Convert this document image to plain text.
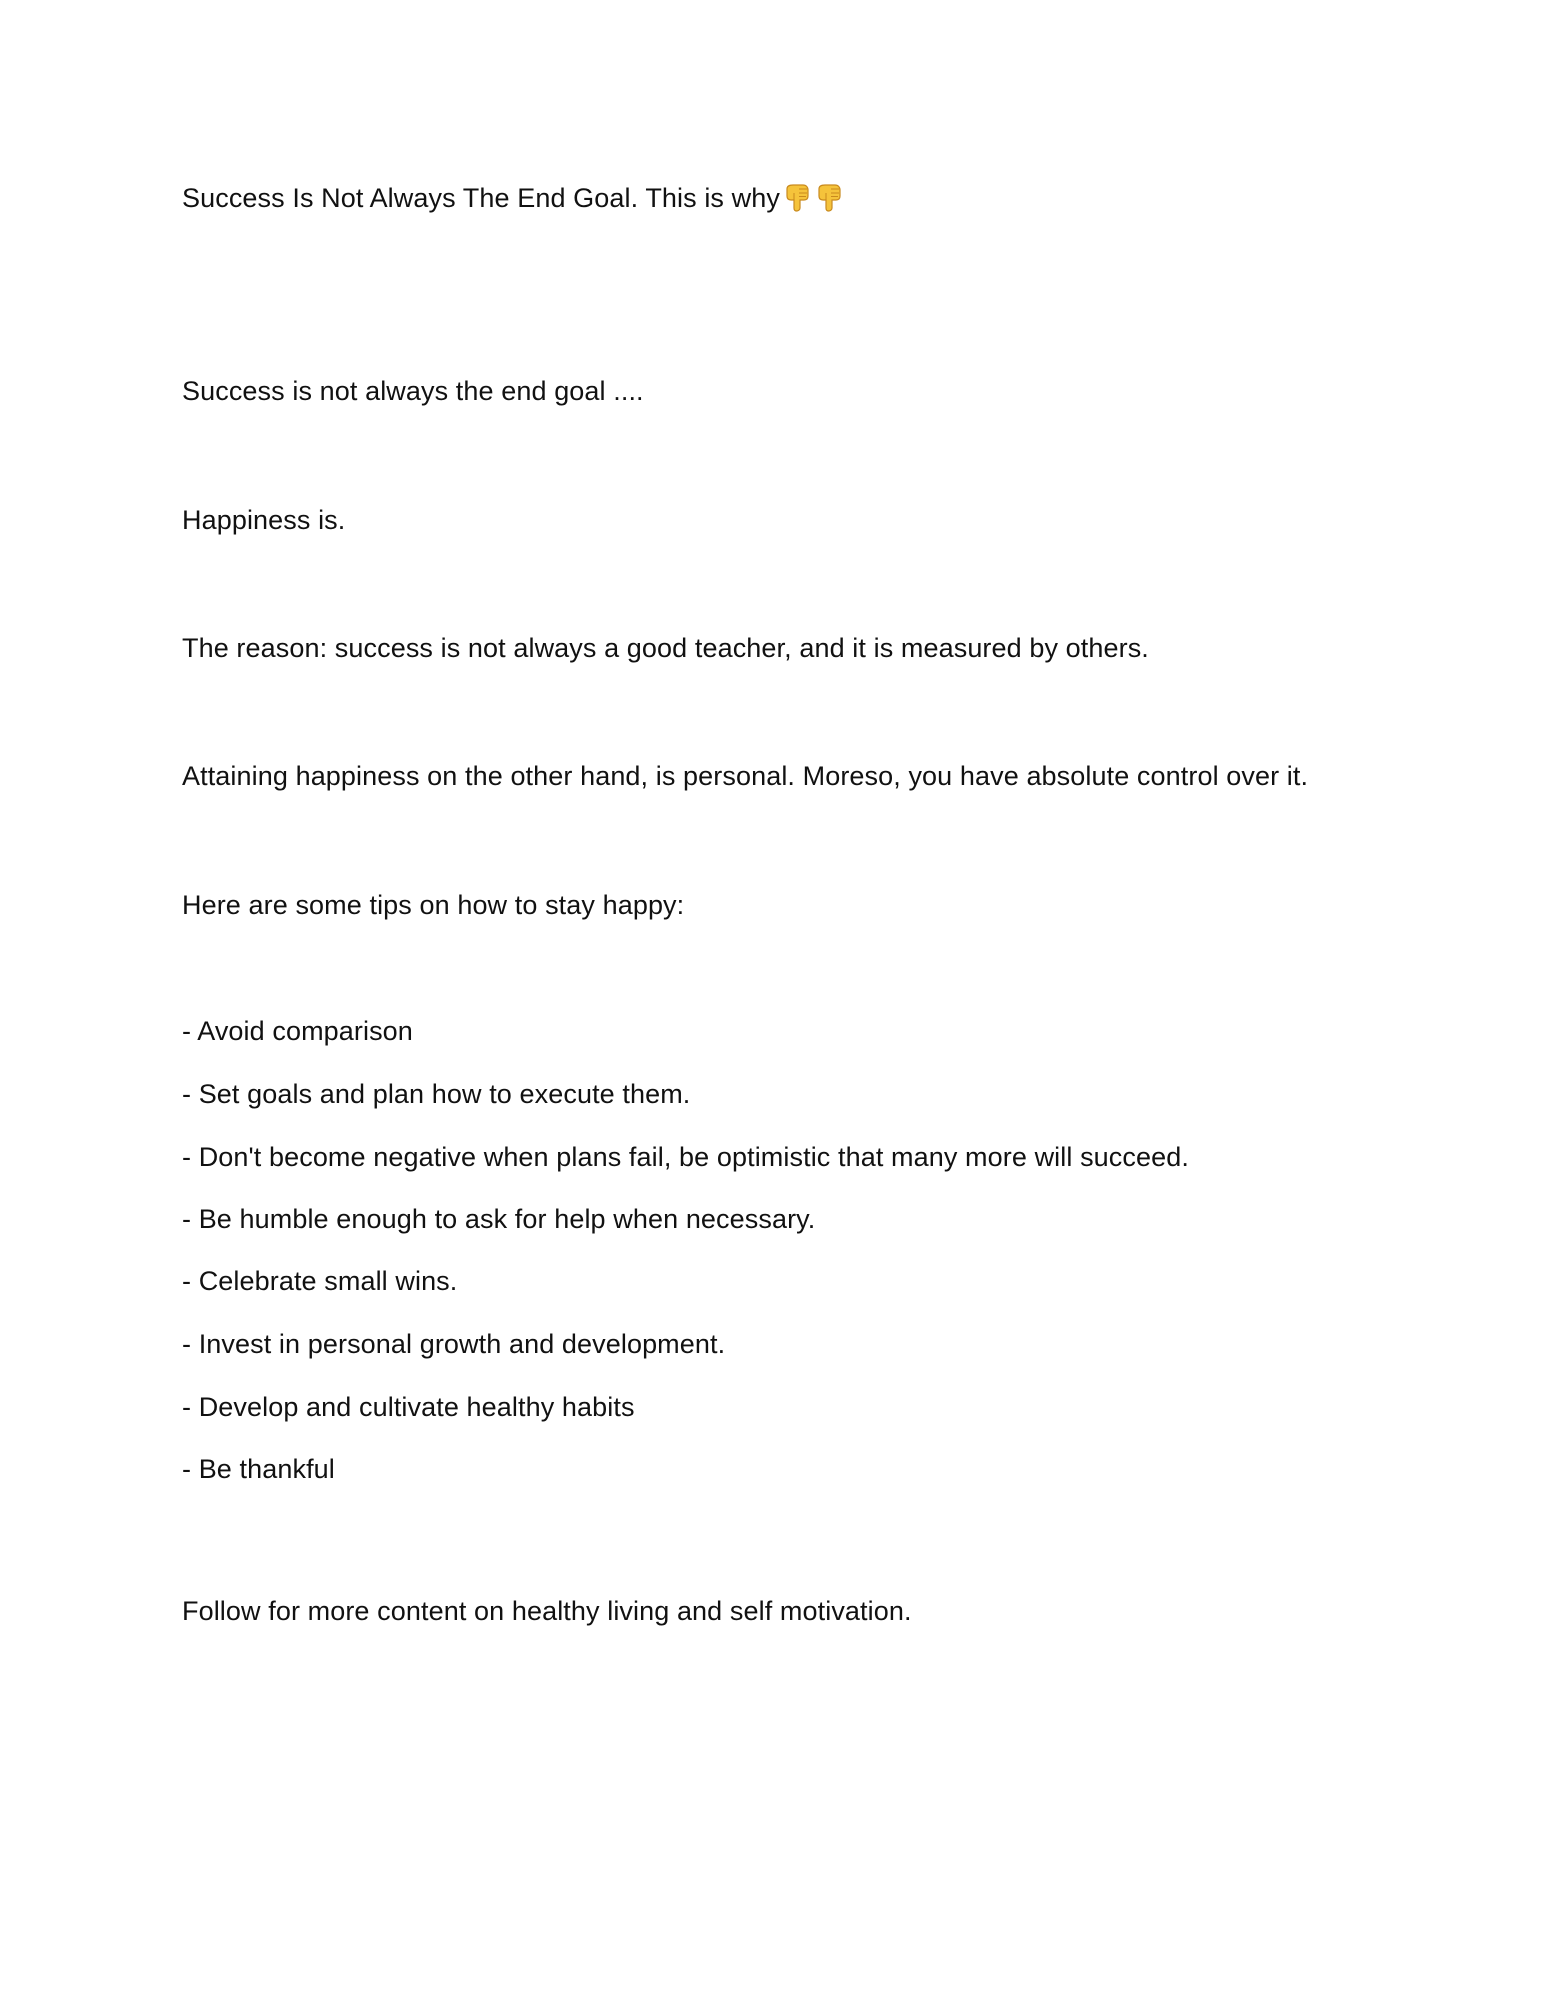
Success Is Not Always The End Goal. This is why
Success is not always the end goal ....
Happiness is.
The reason: success is not always a good teacher, and it is measured by others.
Attaining happiness on the other hand, is personal. Moreso, you have absolute control over it.
Here are some tips on how to stay happy:
- Avoid comparison
- Set goals and plan how to execute them.
- Don't become negative when plans fail, be optimistic that many more will succeed.
- Be humble enough to ask for help when necessary.
- Celebrate small wins.
- Invest in personal growth and development.
- Develop and cultivate healthy habits
- Be thankful
Follow for more content on healthy living and self motivation.
